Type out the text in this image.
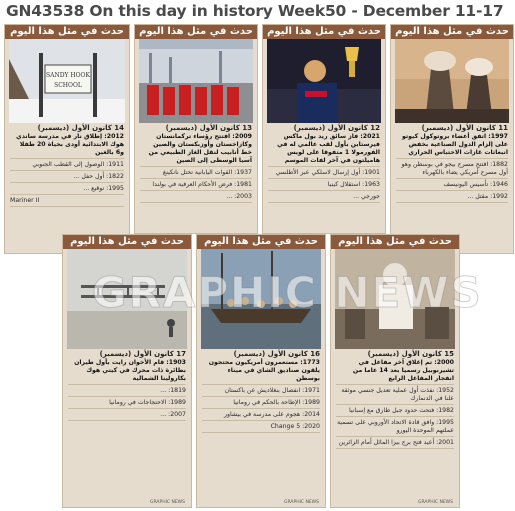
GN43538 On this day in history Week50 - December 11-17
حدث في مثل هذا اليوم
11 كانون الأول (ديسمبر)

1997: اتفق أعضاء بروتوكول كيوتو على إلزام الدول الصناعية بخفض انبعاثات غازات الاحتباس الحراري

1882: افتتح مسرح بيجو في بوسطن وهو أول مسرح أمريكي يضاء بالكهرباء

1946: تأسيس اليونيسف

1992: مقتل ...

حدث في مثل هذا اليوم
12 كانون الأول (ديسمبر)

2021: فاز سائق ريد بول ماكس فيرستابن بأول لقب عالمي له في الفورمولا 1 متفوقا على لويس هاميلتون في آخر لفات الموسم

1901: أول إرسال لاسلكي عبر الأطلسي

1963: استقلال كينيا

جورجي ...

حدث في مثل هذا اليوم
13 كانون الأول (ديسمبر)

2009: افتتح رؤساء تركمانستان وكازاخستان وأوزبكستان والصين خط أنابيب لنقل الغاز الطبيعي من آسيا الوسطى إلى الصين

1937: القوات اليابانية تحتل نانكينغ

1981: فرض الأحكام العرفية في بولندا

2003: ...

حدث في مثل هذا اليوم
SANDY HOOK
SCHOOL
14 كانون الأول (ديسمبر)

2012: إطلاق نار في مدرسة ساندي هوك الابتدائية أودى بحياة 20 طفلا و6 بالغين

1911: الوصول إلى القطب الجنوبي

1822: أول حفل ...

1995: توقيع ...

Mariner II

حدث في مثل هذا اليوم
15 كانون الأول (ديسمبر)

2000: تم إغلاق آخر مفاعل في تشيرنوبيل رسميا بعد 14 عاما من انفجار المفاعل الرابع

1952: نفذت أول عملية تعديل جنسي موثقة علنا في الدنمارك

1982: فتحت حدود جبل طارق مع إسبانيا

1995: وافق قادة الاتحاد الأوروبي على تسمية عملتهم الموحدة اليورو

2001: أعيد فتح برج بيزا المائل أمام الزائرين

GRAPHIC NEWS
حدث في مثل هذا اليوم
16 كانون الأول (ديسمبر)

1773: مستعمرون أمريكيون محتجون يلقون صناديق الشاي في ميناء بوسطن

1971: انفصال بنغلاديش عن باكستان

1989: الإطاحة بالحكم في رومانيا

2014: هجوم على مدرسة في بيشاور

2020: Change 5

GRAPHIC NEWS
حدث في مثل هذا اليوم
17 كانون الأول (ديسمبر)

1903: قام الأخوان رايت بأول طيران بطائرة ذات محرك في كيتي هوك بكارولينا الشمالية

1819: ...

1989: الاحتجاجات في رومانيا

2007: ...

GRAPHIC NEWS
GRAPHIC NEWS
